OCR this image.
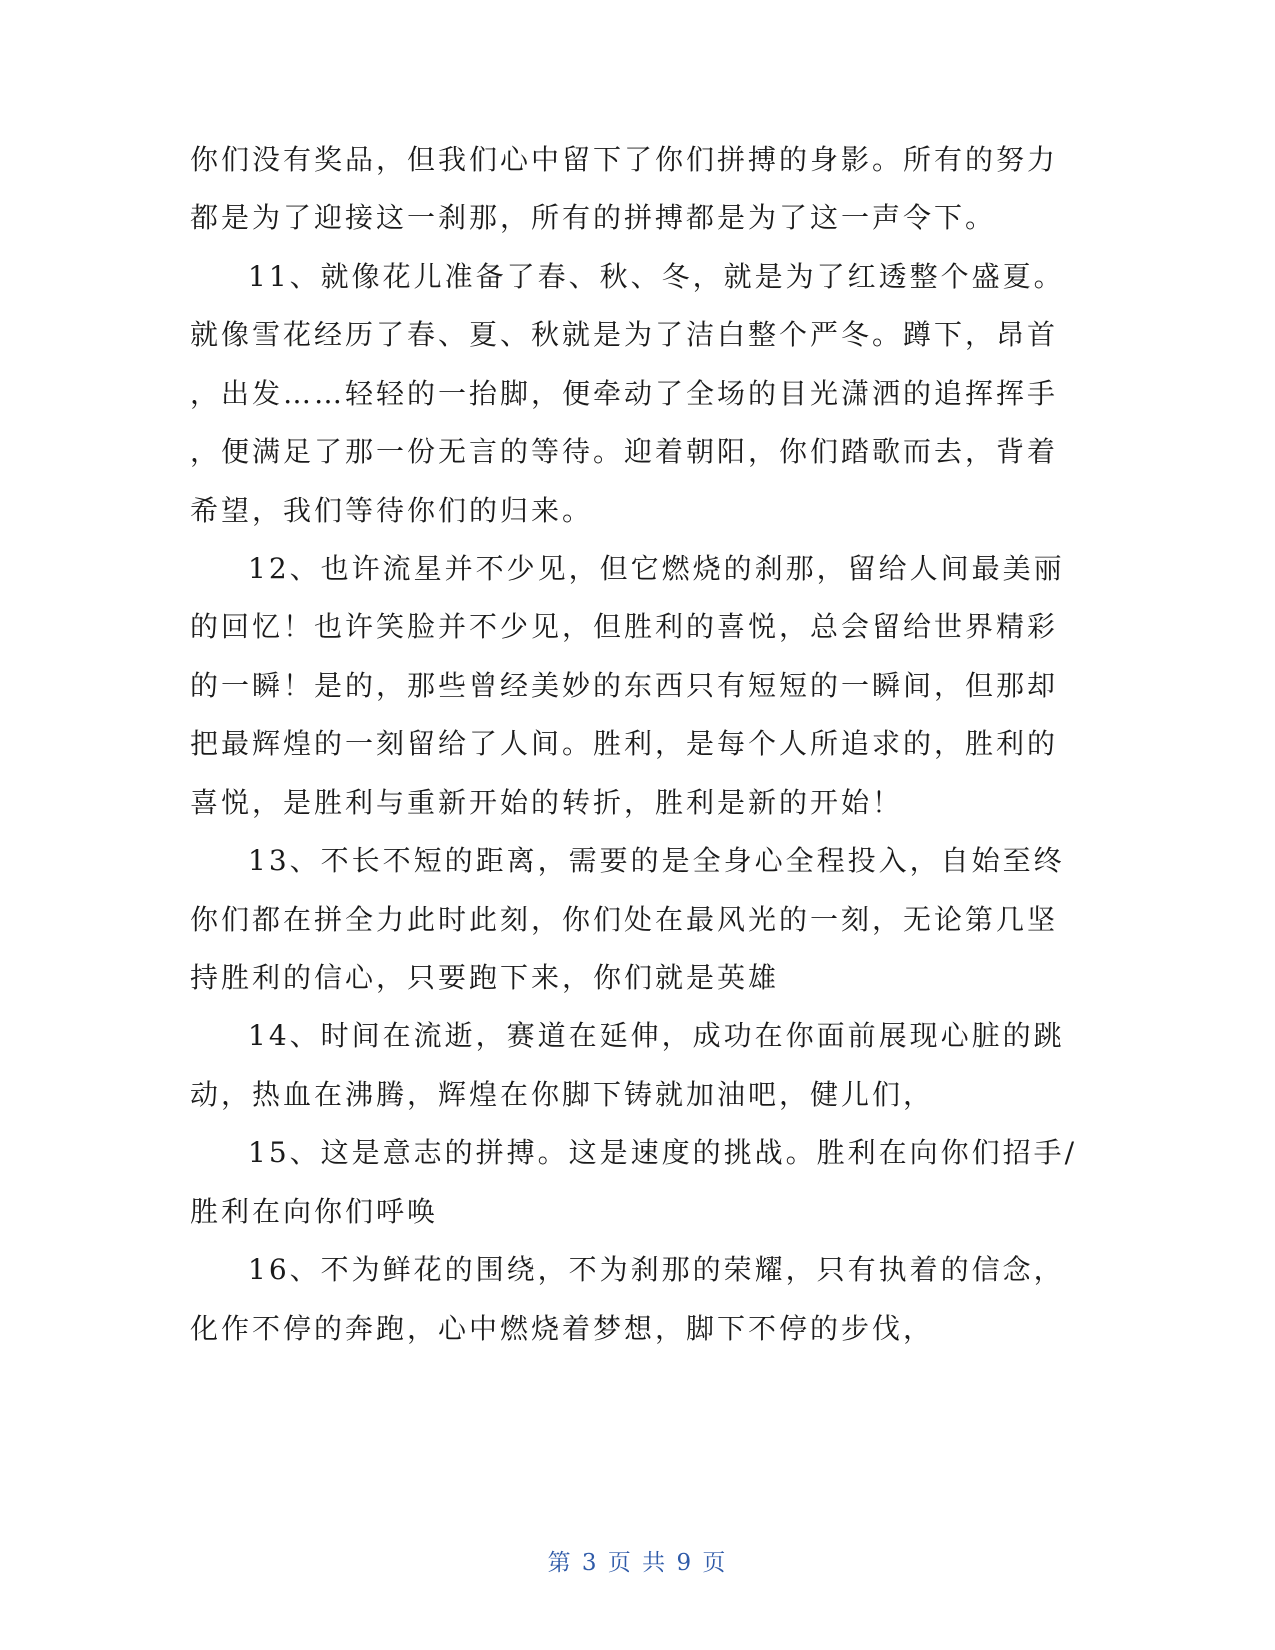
你们没有奖品，但我们心中留下了你们拼搏的身影。所有的努力
都是为了迎接这一刹那，所有的拼搏都是为了这一声令下。
11、就像花儿准备了春、秋、冬，就是为了红透整个盛夏。
就像雪花经历了春、夏、秋就是为了洁白整个严冬。蹲下，昂首
，出发……轻轻的一抬脚，便牵动了全场的目光潇洒的追挥挥手
，便满足了那一份无言的等待。迎着朝阳，你们踏歌而去，背着
希望，我们等待你们的归来。
12、也许流星并不少见，但它燃烧的刹那，留给人间最美丽
的回忆！也许笑脸并不少见，但胜利的喜悦，总会留给世界精彩
的一瞬！是的，那些曾经美妙的东西只有短短的一瞬间，但那却
把最辉煌的一刻留给了人间。胜利，是每个人所追求的，胜利的
喜悦，是胜利与重新开始的转折，胜利是新的开始！
13、不长不短的距离，需要的是全身心全程投入，自始至终
你们都在拼全力此时此刻，你们处在最风光的一刻，无论第几坚
持胜利的信心，只要跑下来，你们就是英雄
14、时间在流逝，赛道在延伸，成功在你面前展现心脏的跳
动，热血在沸腾，辉煌在你脚下铸就加油吧，健儿们，
15、这是意志的拼搏。这是速度的挑战。胜利在向你们招手/
胜利在向你们呼唤
16、不为鲜花的围绕，不为刹那的荣耀，只有执着的信念，
化作不停的奔跑，心中燃烧着梦想，脚下不停的步伐，
第 3 页 共 9 页
